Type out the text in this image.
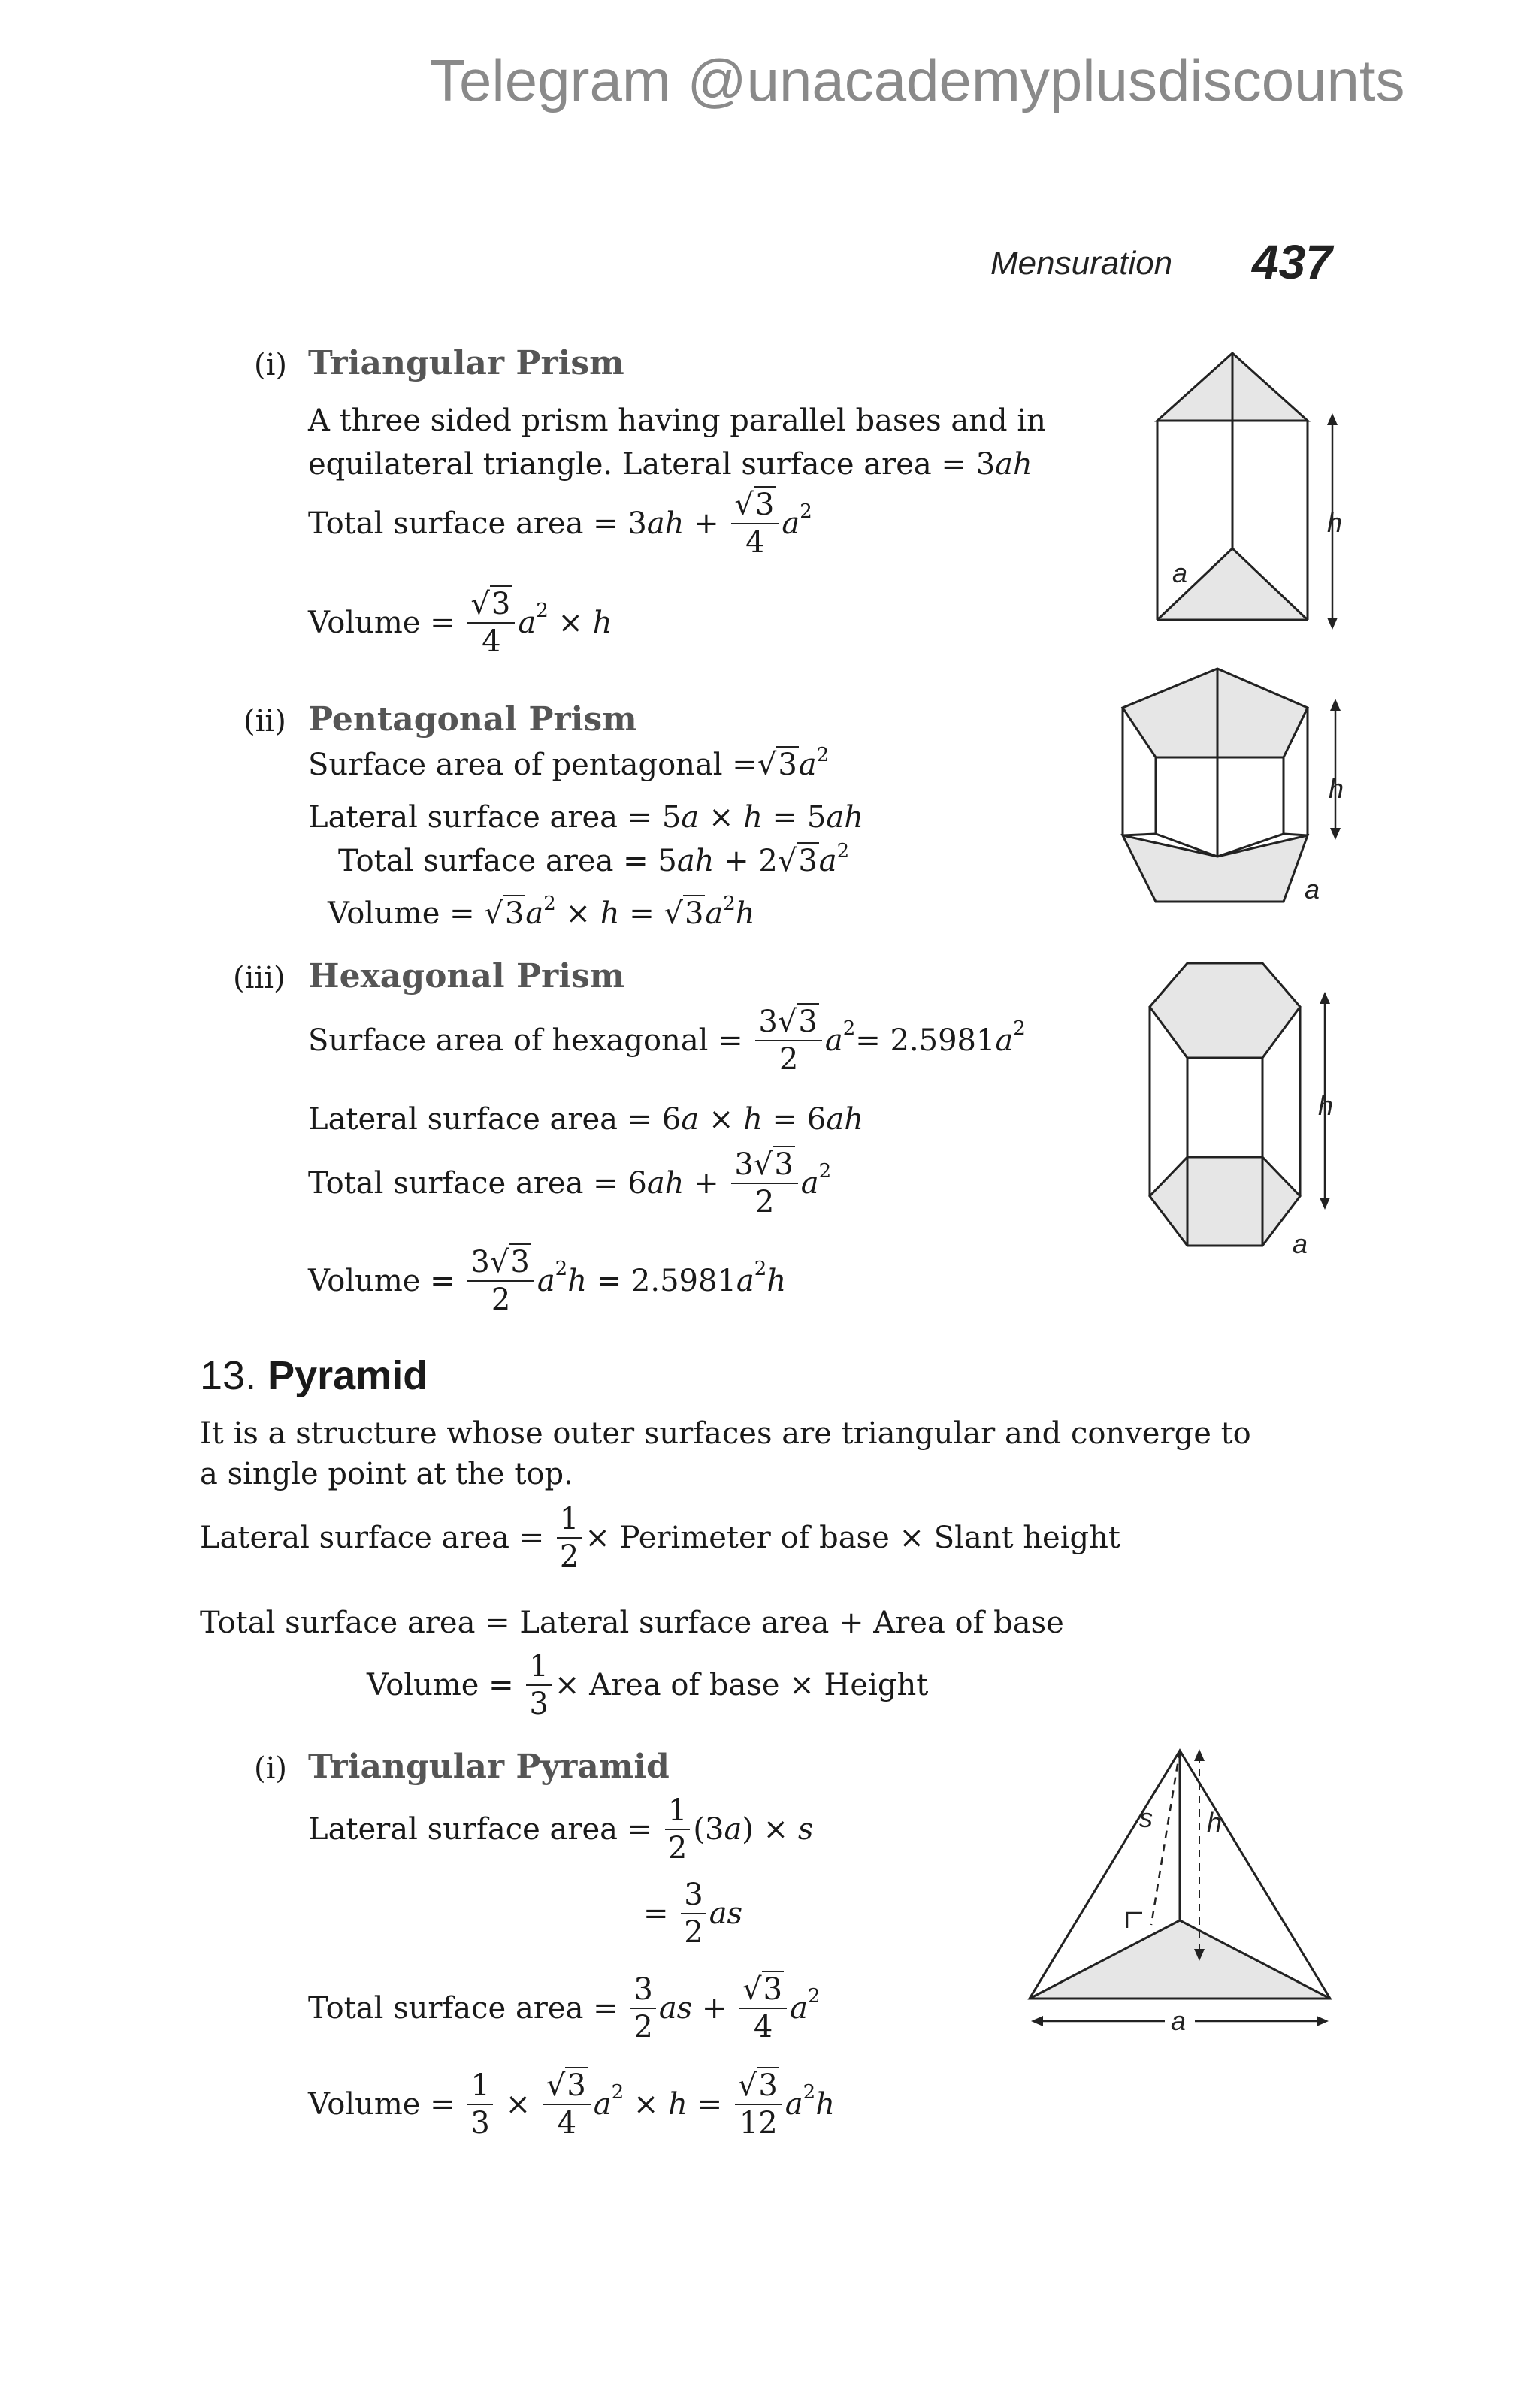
Telegram @unacademyplusdiscounts
Mensuration 437
(i) Triangular Prism
A three sided prism having parallel bases and in
equilateral triangle. Lateral surface area = 3ah
Total surface area = $3ah + \frac{√3}{4} a^2$
Volume = $\frac{√3}{4} a^2 \times h$
(ii) Pentagonal Prism
Surface area of pentagonal $=√3a^2$
Lateral surface area = 5a × h = 5ah
Total surface area = $5ah + 2√3a^2$
Volume = $√3a^2 \times h = √3a^2h$
(iii) Hexagonal Prism
Surface area of hexagonal = $\frac{3√3}{2} a^2= 2.5981a^2$
Lateral surface area = 6a × h = 6ah
Total surface area = $6ah + \frac{3√3}{2} a^2$
Volume = $\frac{3√3}{2} a^2h = 2.5981a^2h$
13. Pyramid
It is a structure whose outer surfaces are triangular and converge to
a single point at the top.
Lateral surface area = $\frac{1}{2}$ × Perimeter of base × Slant height
Total surface area = Lateral surface area + Area of base
Volume = $\frac{1}{3}$ × Area of base × Height
(i) Triangular Pyramid
Lateral surface area = $\frac{1}{2} (3a) \times s$
= $\frac{3}{2}$ as
Total surface area = $\frac{3}{2}$ as + $\frac{√3}{4} a^2$
Volume = $\frac{1}{3} \times \frac{√3}{4} a^2 \times h = \frac{√3}{12} a^2h$
h
a
h
a
h
a
s h
a
